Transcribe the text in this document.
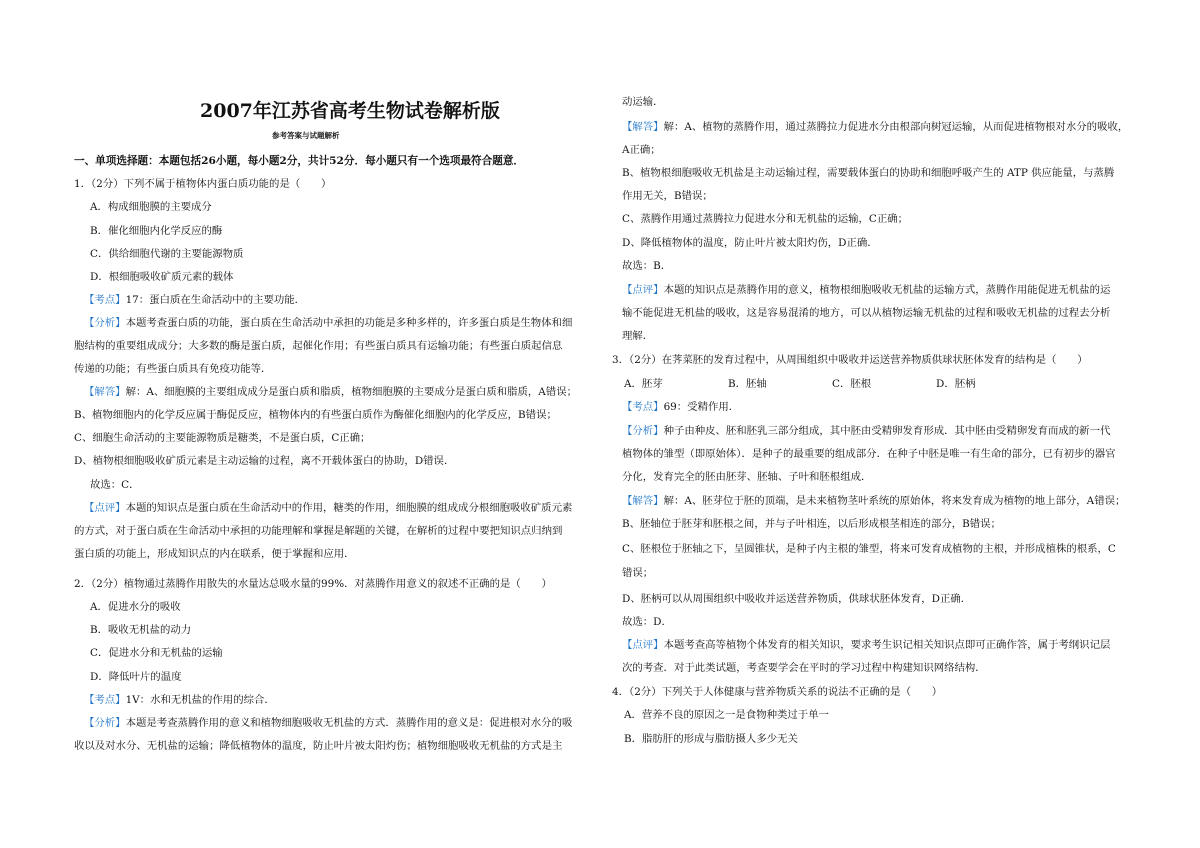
2007年江苏省高考生物试卷解析版
参考答案与试题解析
一、单项选择题：本题包括26小题，每小题2分，共计52分．每小题只有一个选项最符合题意．
1．（2分）下列不属于植物体内蛋白质功能的是（　　）
A．构成细胞膜的主要成分
B．催化细胞内化学反应的酶
C．供给细胞代谢的主要能源物质
D．根细胞吸收矿质元素的载体
【考点】17：蛋白质在生命活动中的主要功能．
【分析】本题考查蛋白质的功能，蛋白质在生命活动中承担的功能是多种多样的，许多蛋白质是生物体和细
胞结构的重要组成成分；大多数的酶是蛋白质，起催化作用；有些蛋白质具有运输功能；有些蛋白质起信息
传递的功能；有些蛋白质具有免疫功能等．
【解答】解：A、细胞膜的主要组成成分是蛋白质和脂质，植物细胞膜的主要成分是蛋白质和脂质，A错误；
B、植物细胞内的化学反应属于酶促反应，植物体内的有些蛋白质作为酶催化细胞内的化学反应，B错误；
C、细胞生命活动的主要能源物质是糖类，不是蛋白质，C正确；
D、植物根细胞吸收矿质元素是主动运输的过程，离不开载体蛋白的协助，D错误．
故选：C．
【点评】本题的知识点是蛋白质在生命活动中的作用，糖类的作用，细胞膜的组成成分根细胞吸收矿质元素
的方式，对于蛋白质在生命活动中承担的功能理解和掌握是解题的关键，在解析的过程中要把知识点归纳到
蛋白质的功能上，形成知识点的内在联系，便于掌握和应用．
2．（2分）植物通过蒸腾作用散失的水量达总吸水量的99%．对蒸腾作用意义的叙述不正确的是（　　）
A．促进水分的吸收
B．吸收无机盐的动力
C．促进水分和无机盐的运输
D．降低叶片的温度
【考点】1V：水和无机盐的作用的综合．
【分析】本题是考查蒸腾作用的意义和植物细胞吸收无机盐的方式．蒸腾作用的意义是：促进根对水分的吸
收以及对水分、无机盐的运输；降低植物体的温度，防止叶片被太阳灼伤；植物细胞吸收无机盐的方式是主
动运输．
【解答】解：A、植物的蒸腾作用，通过蒸腾拉力促进水分由根部向树冠运输，从而促进植物根对水分的吸收，
A正确；
B、植物根细胞吸收无机盐是主动运输过程，需要载体蛋白的协助和细胞呼吸产生的 ATP 供应能量，与蒸腾
作用无关，B错误；
C、蒸腾作用通过蒸腾拉力促进水分和无机盐的运输，C正确；
D、降低植物体的温度，防止叶片被太阳灼伤，D正确．
故选：B．
【点评】本题的知识点是蒸腾作用的意义，植物根细胞吸收无机盐的运输方式，蒸腾作用能促进无机盐的运
输不能促进无机盐的吸收，这是容易混淆的地方，可以从植物运输无机盐的过程和吸收无机盐的过程去分析
理解．
3．（2分）在荠菜胚的发育过程中，从周围组织中吸收并运送营养物质供球状胚体发育的结构是（　　）
A．胚芽	B．胚轴	C．胚根	D．胚柄
【考点】69：受精作用．
【分析】种子由种皮、胚和胚乳三部分组成，其中胚由受精卵发育形成．其中胚由受精卵发育而成的新一代
植物体的雏型（即原始体）．是种子的最重要的组成部分．在种子中胚是唯一有生命的部分，已有初步的器官
分化，发育完全的胚由胚芽、胚轴、子叶和胚根组成．
【解答】解：A、胚芽位于胚的顶端，是未来植物茎叶系统的原始体，将来发育成为植物的地上部分，A错误；
B、胚轴位于胚芽和胚根之间，并与子叶相连，以后形成根茎相连的部分，B错误；
C、胚根位于胚轴之下，呈圆锥状，是种子内主根的雏型，将来可发育成植物的主根，并形成植株的根系，C
错误；
D、胚柄可以从周围组织中吸收并运送营养物质，供球状胚体发育，D正确．
故选：D．
【点评】本题考查高等植物个体发育的相关知识，要求考生识记相关知识点即可正确作答，属于考纲识记层
次的考查．对于此类试题，考查要学会在平时的学习过程中构建知识网络结构．
4．（2分）下列关于人体健康与营养物质关系的说法不正确的是（　　）
A．营养不良的原因之一是食物种类过于单一
B．脂肪肝的形成与脂肪摄人多少无关
